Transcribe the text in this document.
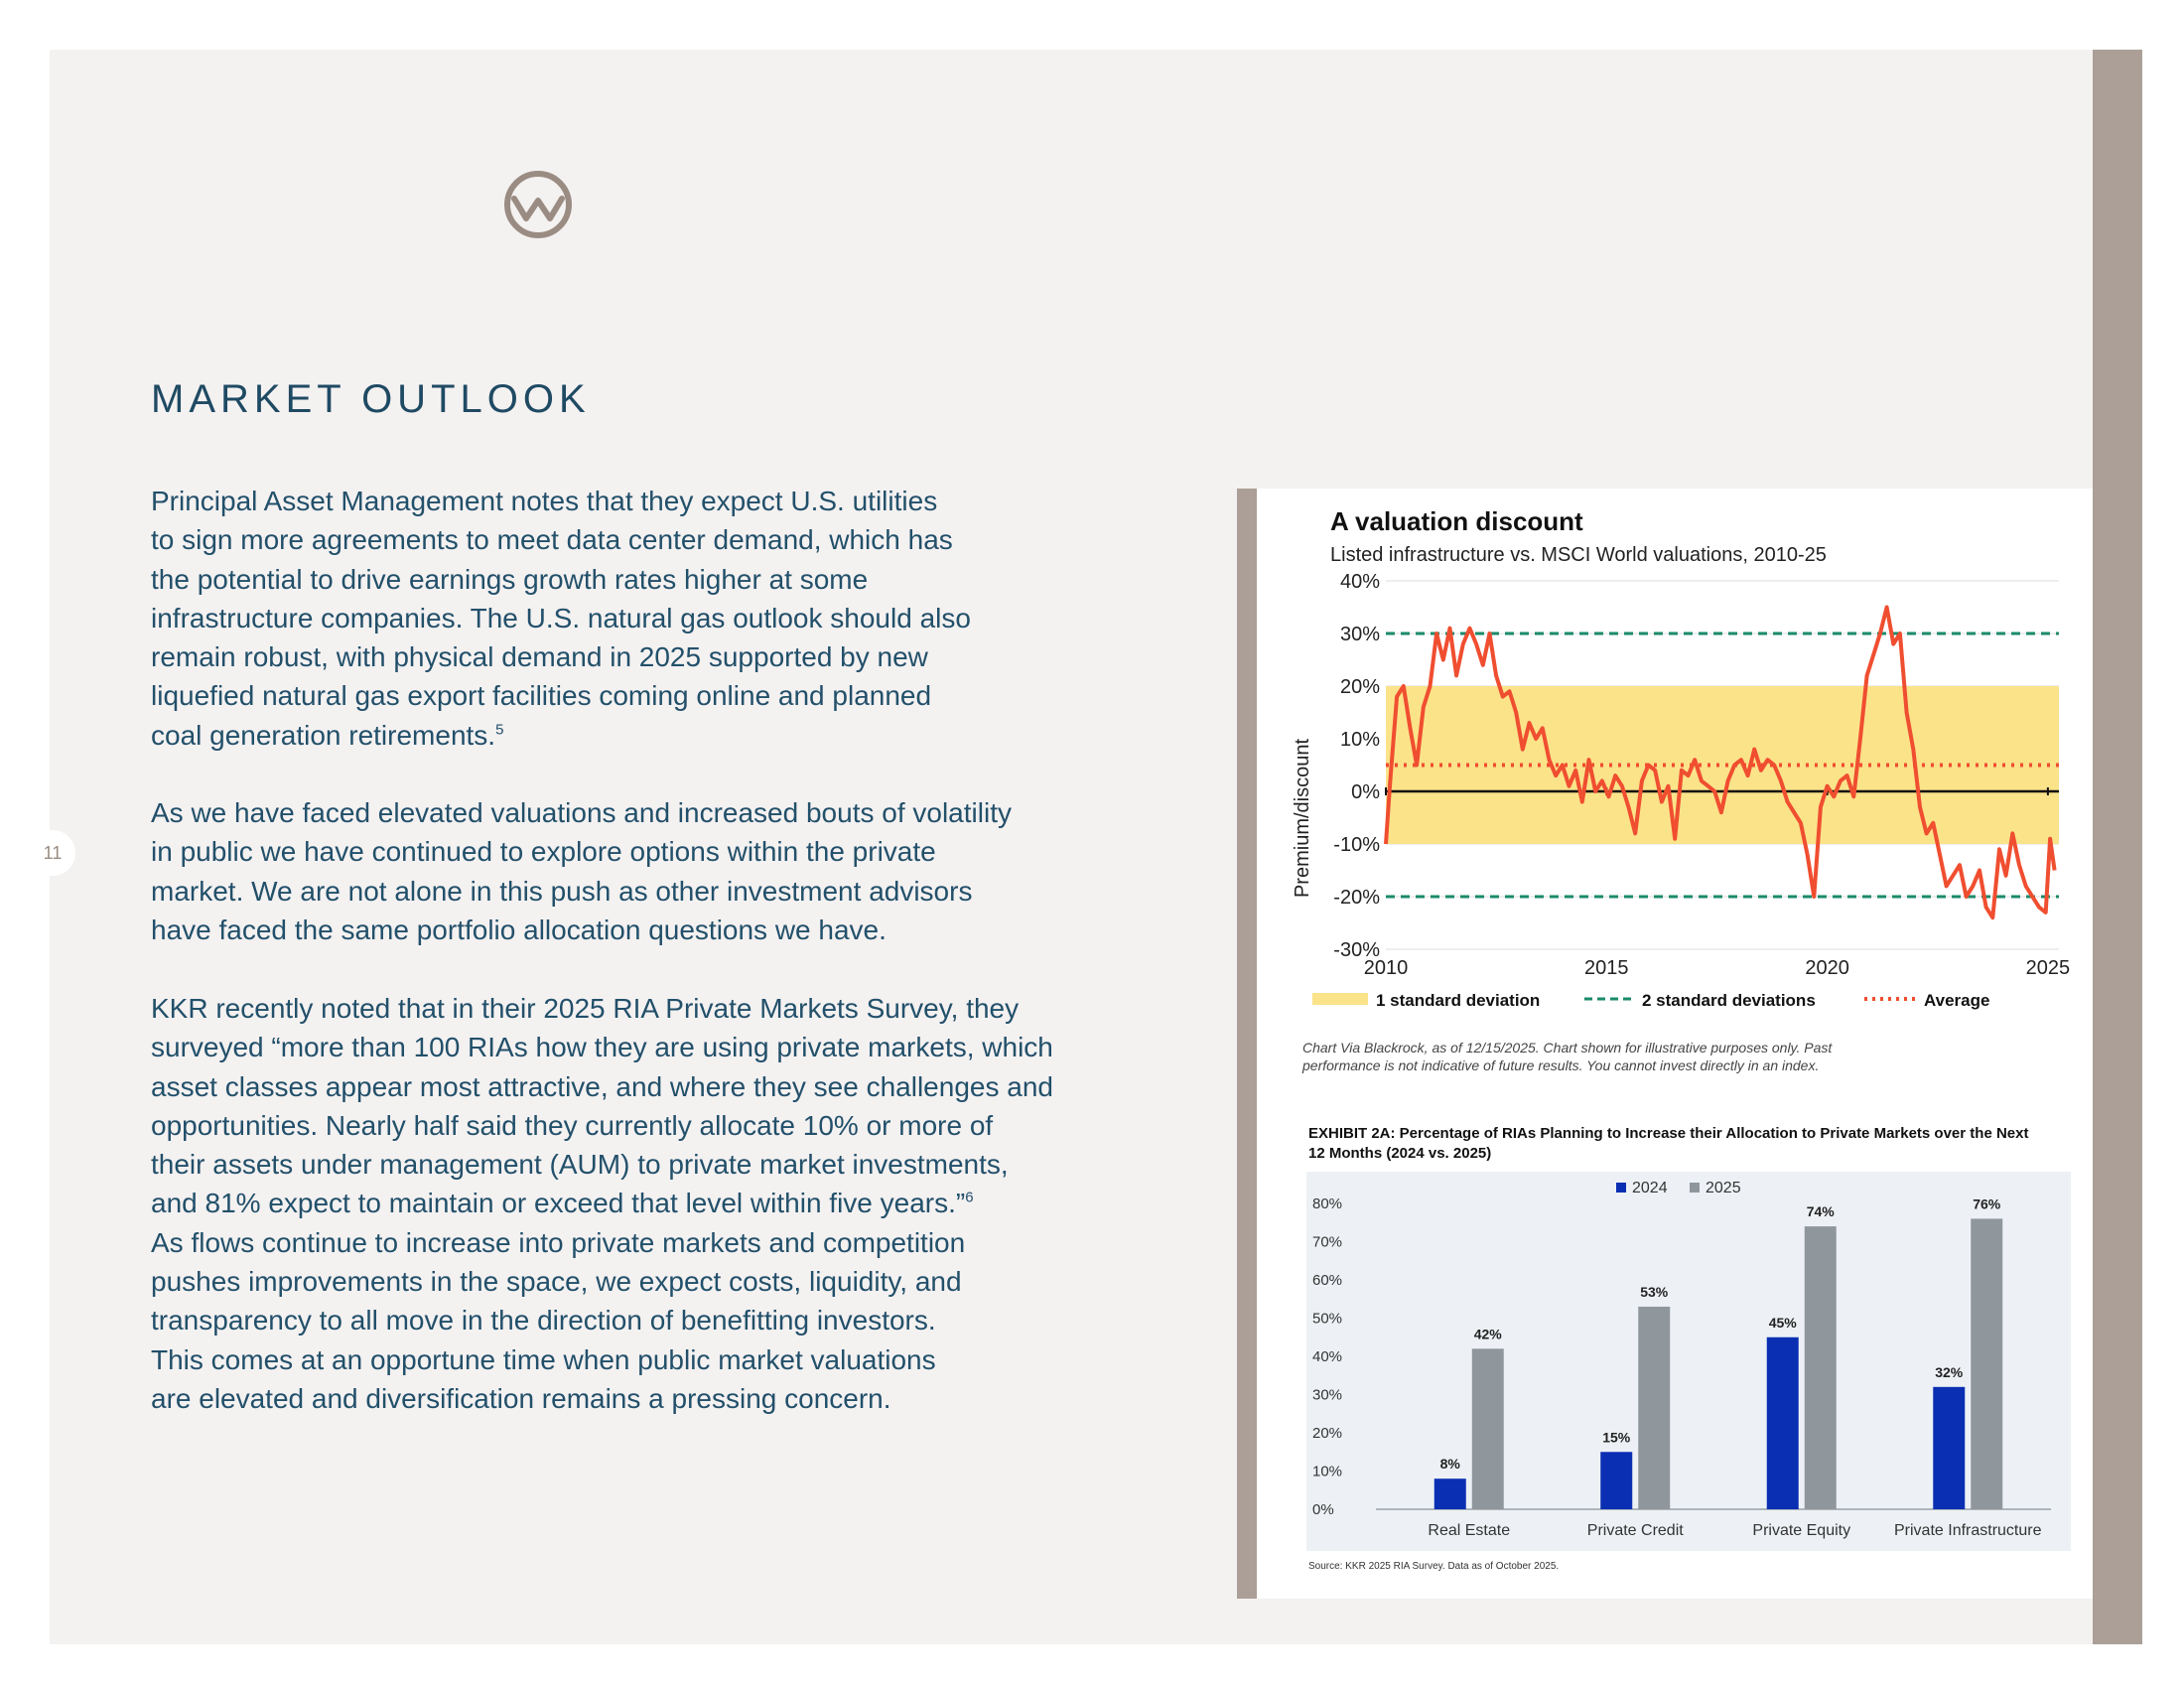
MARKET OUTLOOK
11

Principal Asset Management notes that they expect U.S. utilities
to sign more agreements to meet data center demand, which has
the potential to drive earnings growth rates higher at some
infrastructure companies. The U.S. natural gas outlook should also
remain robust, with physical demand in 2025 supported by new
liquefied natural gas export facilities coming online and planned
coal generation retirements.$^5$

As we have faced elevated valuations and increased bouts of volatility
in public we have continued to explore options within the private
market. We are not alone in this push as other investment advisors
have faced the same portfolio allocation questions we have.

KKR recently noted that in their 2025 RIA Private Markets Survey, they
surveyed “more than 100 RIAs how they are using private markets, which
asset classes appear most attractive, and where they see challenges and
opportunities. Nearly half said they currently allocate 10% or more of
their assets under management (AUM) to private market investments,
and 81% expect to maintain or exceed that level within five years.”$^6$
As flows continue to increase into private markets and competition
pushes improvements in the space, we expect costs, liquidity, and
transparency to all move in the direction of benefitting investors.
This comes at an opportune time when public market valuations
are elevated and diversification remains a pressing concern.

A valuation discount
Listed infrastructure vs. MSCI World valuations, 2010-25
Premium/discount
40%
30%
20%
10%
0%
-10%
-20%
-30%
2010	2015	2020	2025
1 standard deviation	2 standard deviations	Average
Chart Via Blackrock, as of 12/15/2025. Chart shown for illustrative purposes only. Past
performance is not indicative of future results. You cannot invest directly in an index.
EXHIBIT 2A: Percentage of RIAs Planning to Increase their Allocation to Private Markets over the Next
12 Months (2024 vs. 2025)
2024 2025
80%
70%
60%
50%
40%
30%
20%
10%
0%
8%
42%
15%
53%
45%
74%
32%
76%
Real Estate	Private Credit	Private Equity	Private Infrastructure
Source: KKR 2025 RIA Survey. Data as of October 2025.
